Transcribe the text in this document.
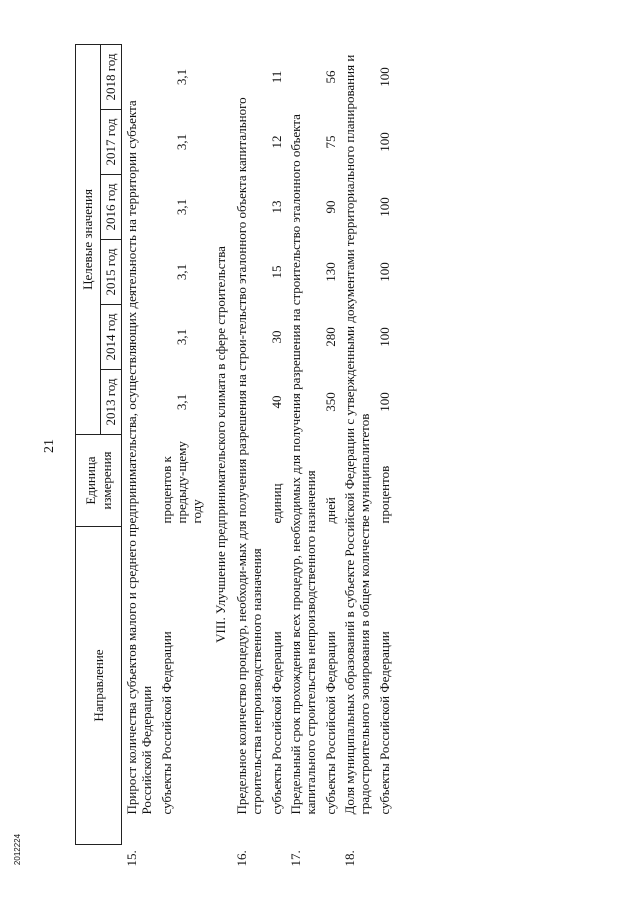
21
2012224
Направление	Единица измерения	Целевые значения					
		2013 год	2014 год	2015 год	2016 год	2017 год	2018 год

15.Прирост количества субъектов малого и среднего предпринимательства, осуществляющих деятельность на территории субъекта Российской Федерации							

субъекты Российской Федерации	процентов к предыду-щему году	3,1	3,1	3,1	3,1	3,1	3,1
VIII. Улучшение предпринимательского климата в сфере строительства							

16.Предельное количество процедур, необходи-мых для получения разрешения на строи-тельство эталонного объекта капитального строительства непроизводственного назначения							

субъекты Российской Федерации	единиц	40	30	15	13	12	11

17.Предельный срок прохождения всех процедур, необходимых для получения разрешения на строительство эталонного объекта капитального строительства непроизводственного назначения							

субъекты Российской Федерации	дней	350	280	130	90	75	56

18.Доля муниципальных образований в субъекте Российской Федерации с утвержденными документами территориального планирования и градостроительного зонирования в общем количестве муниципалитетов							

субъекты Российской Федерации	процентов	100	100	100	100	100	100
